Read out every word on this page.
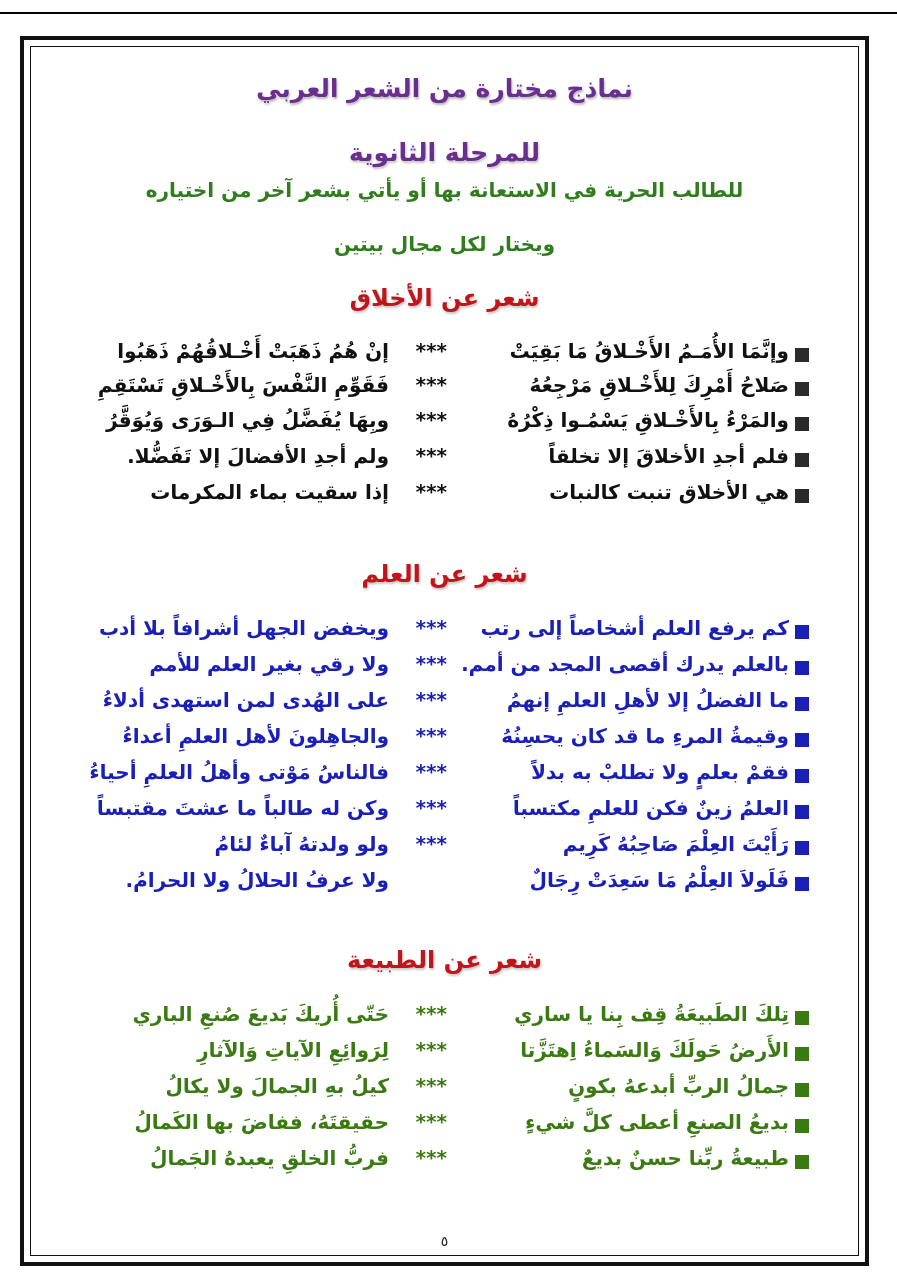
نماذج مختارة من الشعر العربي
للمرحلة الثانوية
للطالب الحرية في الاستعانة بها أو يأتي بشعر آخر من اختياره
ويختار لكل مجال بيتين
شعر عن الأخلاق
وإنَّمَا الأُمَـمُ الأَخْـلاقُ مَا بَقِيَتْ
***
إنْ هُمُ ذَهَبَتْ أَخْـلاقُهُمْ ذَهَبُوا
صَلاحُ أَمْرِكَ لِلأَخْـلاقِ مَرْجِعُهُ
***
فَقَوِّمِ النَّفْسَ بِالأَخْـلاقِ تَسْتَقِمِ
والمَرْءُ بِالأَخْـلاقِ يَسْمُـوا ذِكْرُهُ
***
وبِهَا يُفَضَّلُ فِي الـوَرَى وَيُوَقَّرُ
فلم أجدِ الأخلاقَ إلا تخلقاً
***
ولم أجدِ الأفضالَ إلا تَفَضُّلا.
هي الأخلاق تنبت كالنبات
***
إذا سقيت بماء المكرمات
شعر عن العلم
كم يرفع العلم أشخاصاً إلى رتب
***
ويخفض الجهل أشرافاً بلا أدب
بالعلم يدرك أقصى المجد من أمم.
***
ولا رقي بغير العلم للأمم
ما الفضلُ إلا لأهلِ العلمِ إنهمُ
***
على الهُدى لمن استهدى أدلاءُ
وقيمةُ المرءِ ما قد كان يحسِنُهُ
***
والجاهِلونَ لأهل العلمِ أعداءُ
فقمْ بعلمٍ ولا تطلبْ به بدلاً
***
فالناسُ مَوْتى وأهلُ العلمِ أحياءُ
العلمُ زينٌ فكن للعلمِ مكتسباً
***
وكن له طالباً ما عشتَ مقتبساً
رَأَيْتَ العِلْمَ صَاحِبُهُ كَرِيم
***
ولو ولدتهُ آباءٌ لئامُ
فَلَولاَ العِلْمُ مَا سَعِدَتْ رِجَالٌ
ولا عرفُ الحلالُ ولا الحرامُ.
شعر عن الطبيعة
تِلكَ الطَبيعَةُ قِف بِنا يا ساري
***
حَتّى أُريكَ بَديعَ صُنعِ الباري
الأَرضُ حَولَكَ وَالسَماءُ اِهتَزَّتا
***
لِرَوائِعِ الآياتِ وَالآثارِ
جمالُ الربِّ أبدعهُ بكونٍ
***
كيلُ بهِ الجمالَ ولا يكالُ
بديعُ الصنعِ أعطى كلَّ شيءٍ
***
حقيقتَهُ، ففاضَ بها الكَمالُ
طبيعةُ ربِّنا حسنٌ بديعٌ
***
فربُّ الخلقِ يعبدهُ الجَمالُ
٥
